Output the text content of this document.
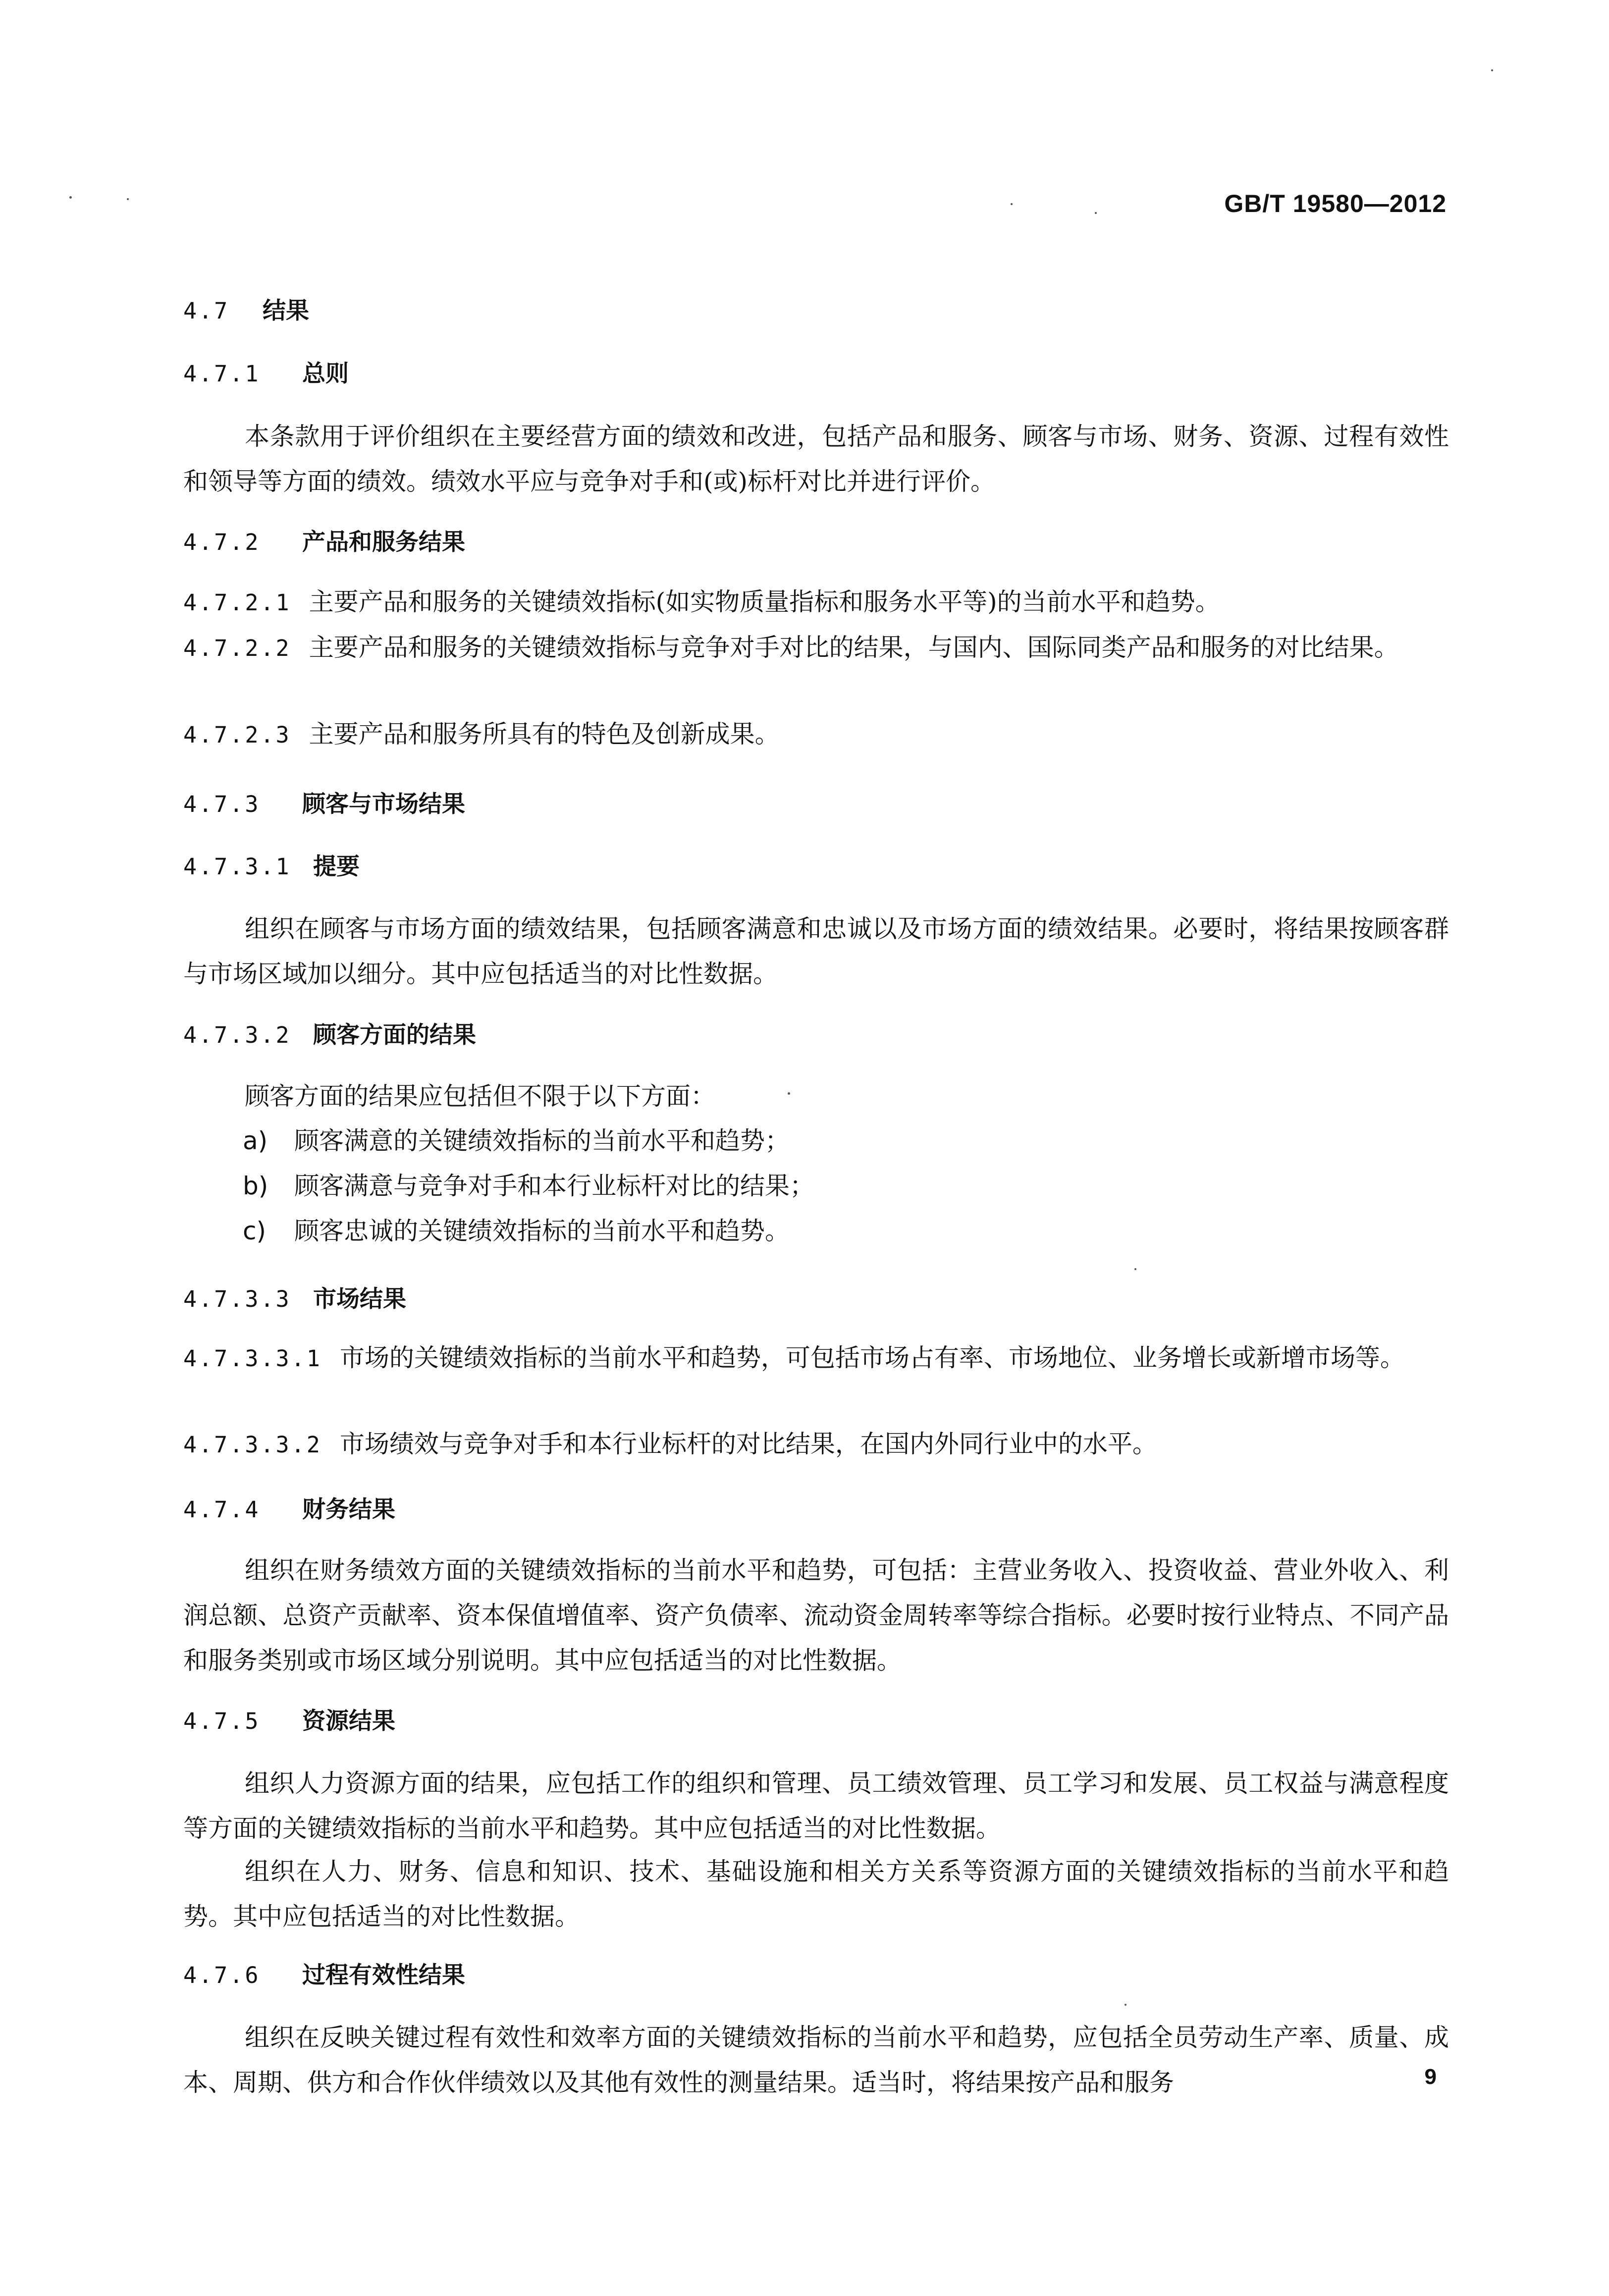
GB/T 19580—2012
4.7 结果
4.7.1 总则

本条款用于评价组织在主要经营方面的绩效和改进，包括产品和服务、顾客与市场、财务、资源、过程有效性和领导等方面的绩效。绩效水平应与竞争对手和(或)标杆对比并进行评价。

4.7.2 产品和服务结果

4.7.2.1 主要产品和服务的关键绩效指标(如实物质量指标和服务水平等)的当前水平和趋势。

4.7.2.2 主要产品和服务的关键绩效指标与竞争对手对比的结果，与国内、国际同类产品和服务的对比结果。

4.7.2.3 主要产品和服务所具有的特色及创新成果。

4.7.3 顾客与市场结果
4.7.3.1 提要

组织在顾客与市场方面的绩效结果，包括顾客满意和忠诚以及市场方面的绩效结果。必要时，将结果按顾客群与市场区域加以细分。其中应包括适当的对比性数据。

4.7.3.2 顾客方面的结果

顾客方面的结果应包括但不限于以下方面：

a) 顾客满意的关键绩效指标的当前水平和趋势；

b) 顾客满意与竞争对手和本行业标杆对比的结果；

c) 顾客忠诚的关键绩效指标的当前水平和趋势。

4.7.3.3 市场结果

4.7.3.3.1 市场的关键绩效指标的当前水平和趋势，可包括市场占有率、市场地位、业务增长或新增市场等。

4.7.3.3.2 市场绩效与竞争对手和本行业标杆的对比结果，在国内外同行业中的水平。

4.7.4 财务结果

组织在财务绩效方面的关键绩效指标的当前水平和趋势，可包括：主营业务收入、投资收益、营业外收入、利润总额、总资产贡献率、资本保值增值率、资产负债率、流动资金周转率等综合指标。必要时按行业特点、不同产品和服务类别或市场区域分别说明。其中应包括适当的对比性数据。

4.7.5 资源结果

组织人力资源方面的结果，应包括工作的组织和管理、员工绩效管理、员工学习和发展、员工权益与满意程度等方面的关键绩效指标的当前水平和趋势。其中应包括适当的对比性数据。

组织在人力、财务、信息和知识、技术、基础设施和相关方关系等资源方面的关键绩效指标的当前水平和趋势。其中应包括适当的对比性数据。

4.7.6 过程有效性结果

组织在反映关键过程有效性和效率方面的关键绩效指标的当前水平和趋势，应包括全员劳动生产率、质量、成本、周期、供方和合作伙伴绩效以及其他有效性的测量结果。适当时，将结果按产品和服务	9
